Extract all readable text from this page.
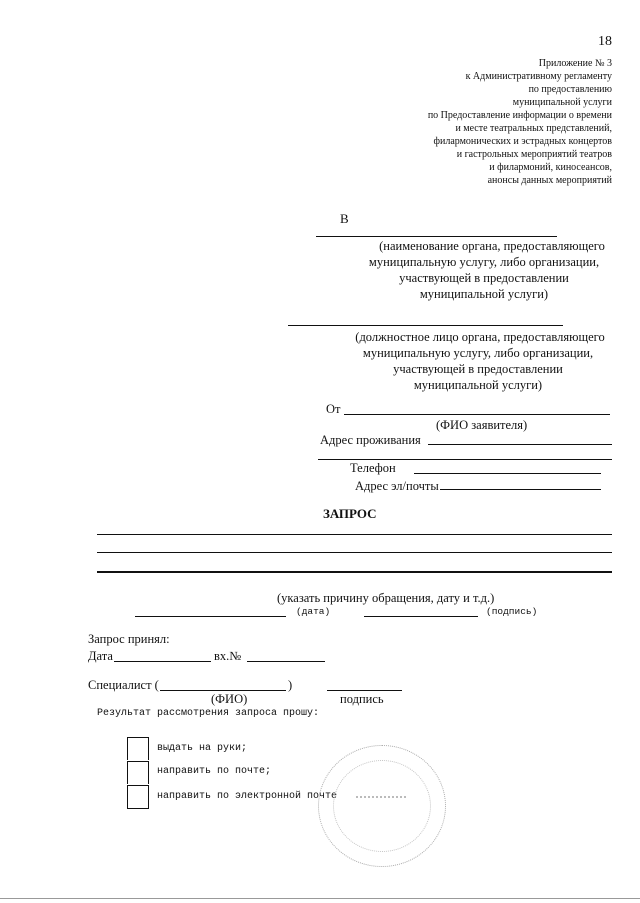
18
Приложение № 3
к Административному регламенту
по предоставлению
муниципальной услуги
по Предоставление информации о времени
и месте театральных представлений,
филармонических и эстрадных концертов
и гастрольных мероприятий театров
и филармоний, киносеансов,
анонсы данных мероприятий
В
(наименование органа, предоставляющего
муниципальную услугу, либо организации,
участвующей в предоставлении
муниципальной услуги)
(должностное лицо органа, предоставляющего
муниципальную услугу, либо организации,
участвующей в предоставлении
муниципальной услуги)
От
(ФИО заявителя)
Адрес проживания
Телефон
Адрес эл/почты
ЗАПРОС
(указать причину обращения, дату и т.д.)
(дата)	(подпись)
Запрос принял:
Дата	вх.№
Специалист (	)
(ФИО)	подпись
Результат рассмотрения запроса прошу:
выдать на руки;
направить по почте;
направить по электронной почте
